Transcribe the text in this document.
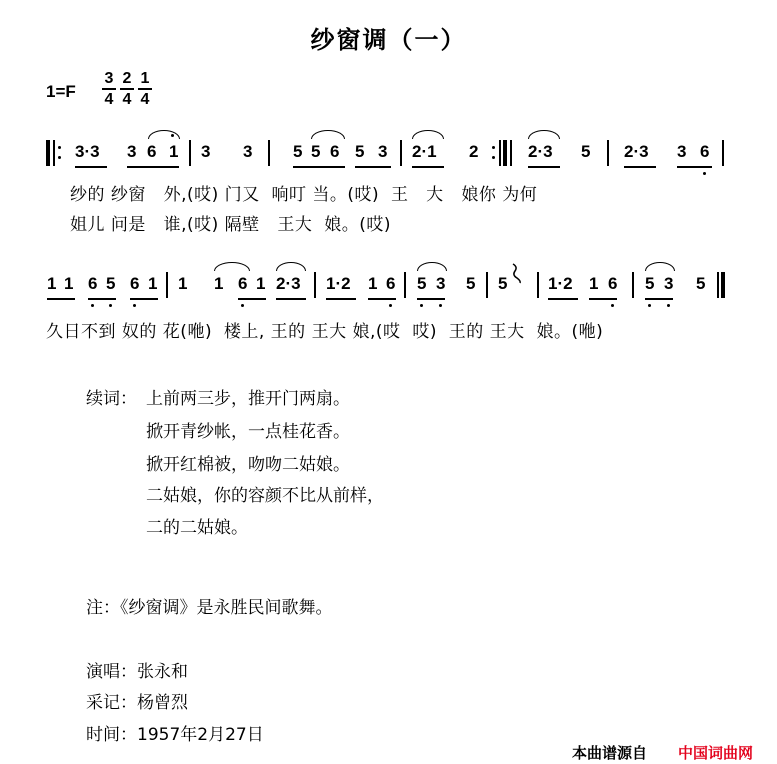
纱窗调（一）
1=F
3
4
2
4
1
4
纱的 纱窗   外,(哎) 门又  响叮 当。(哎)  王   大   娘你 为何
姐儿 问是   谁,(哎) 隔壁   王大  娘。(哎)
久日不到 奴的 花(咃)  楼上, 王的 王大 娘,(哎  哎)  王的 王大  娘。(咃)
续词： 上前两三步，推开门两扇。
掀开青纱帐，一点桂花香。
掀开红棉被，吻吻二姑娘。
二姑娘，你的容颜不比从前样，
二的二姑娘。
注：《纱窗调》是永胜民间歌舞。
演唱：张永和
采记：杨曾烈
时间：1957年2月27日
本曲谱源自 中国词曲网
3·3 3 6 1 3 3 5 5 6 5 3 2·1 2	2·3 5 2·3 3 6
1 1 6 5 6 1 1 1 6 1 2·3 1·2 1 6 5 3 5 5 1·2 1 6 5 3 5
